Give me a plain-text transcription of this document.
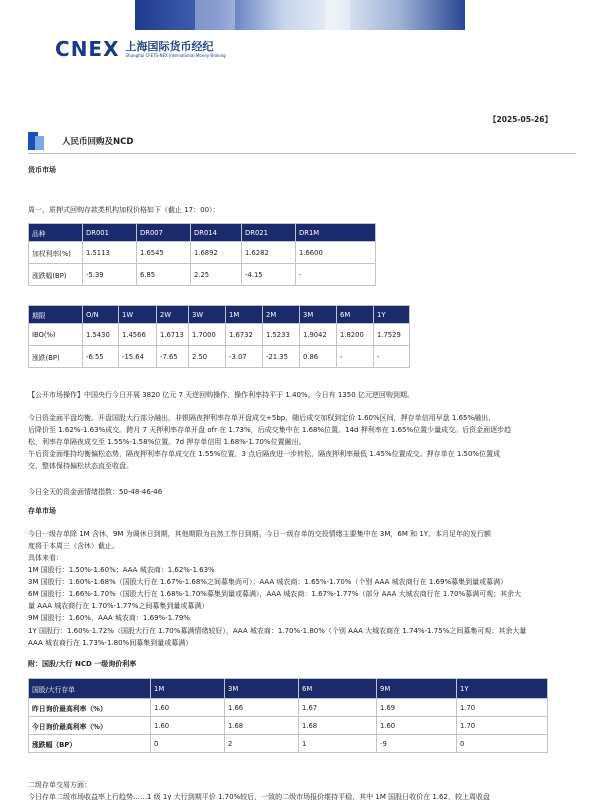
CNEX 上海国际货币经纪
Shanghai CFETS-NEX International Money Broking
【2025-05-26】
人民币回购及NCD
货币市场
周一，质押式回购存款类机构加权价格如下（截止 17：00）：
品种	DR001	DR007	DR014	DR021	DR1M
加权利率(%)	1.5113	1.6545	1.6892	1.6282	1.6600
涨跌幅(BP)	-5.39	6.85	2.25	-4.15	-
期限	O/N	1W	2W	3W	1M	2M	3M	6M	1Y
IBO(%)	1.5430	1.4566	1.6713	1.7000	1.6732	1.5233	1.9042	1.8200	1.7529
涨跌(BP)	-6.55	-15.64	-7.65	2.50	-3.07	-21.35	0.86	-	-
【公开市场操作】中国央行今日开展 3820 亿元 7 天逆回购操作，操作利率持平于 1.40%。今日有 1350 亿元逆回购到期。
今日资金面平盘均衡。开盘国股大行部分融出，非银隔夜押利率存单开盘成交+5bp，随后成交加权到定价 1.60%区间，押存单信用早盘 1.65%融出，
后降价至 1.62%-1.63%成交。跨月 7 天押利率存单开盘 ofr 在 1.73%，后成交集中在 1.68%位置。14d 押利率在 1.65%位置少量成交。后资金面逐步趋
松，利率存单隔夜成交至 1.55%-1.58%位置。7d 押存单信用 1.68%-1.70%位置融出。
午后资金面维持均衡偏松态势，隔夜押利率存单成交在 1.55%位置，3 点后隔夜进一步转松，隔夜押利率最低 1.45%位置成交。押存单在 1.50%位置成
交，整体保持偏松状态直至收盘。
今日全天的资金面情绪指数：50-48-46-46
存单市场
今日一级存单除 1M 含休，9M 为调休日到期，其他期限为自然工作日到期。今日一级存单的交投情绪主要集中在 3M，6M 和 1Y。本月足年的发行额
度将于本周三（含休）截止。
具体来看：
1M 国股行：1.50%-1.60%；AAA 城农商：1.62%-1.63%
3M 国股行：1.60%-1.68%（国股大行在 1.67%-1.68%之间募集尚可）；AAA 城农商：1.65%-1.70%（个别 AAA 城农商行在 1.69%募集到量或募满）
6M 国股行：1.66%-1.70%（国股大行在 1.68%-1.70%募集到量或募满），AAA 城农商：1.67%-1.77%（部分 AAA 大城农商行在 1.70%募满可观；其余大
量 AAA 城农商行在 1.70%-1.77%之间募集到量或募满）
9M 国股行：1.60%，AAA 城农商：1.69%-1.79%
1Y 国股行：1.60%-1.72%（国股大行在 1.70%募满情绪较好），AAA 城农商：1.70%-1.80%（个别 AAA 大城农商在 1.74%-1.75%之间募集可观；其余大量
AAA 城农商行在 1.73%-1.80%间募集到量或募满）
附：国股/大行 NCD 一级询价利率
国股/大行存单	1M	3M	6M	9M	1Y
昨日询价最高利率（%）	1.60	1.66	1.67	1.69	1.70
今日询价最高利率（%）	1.60	1.68	1.68	1.60	1.70
涨跌幅（BP）	0	2	1	-9	0
二级存单交易方面：
今日存单二级市场收益率上行趋势……1 级 1y 大行到期平价 1.70%较后，一致的二级市场报价维持平稳，其中 1M 国股日收价在 1.62，较上周收盘
